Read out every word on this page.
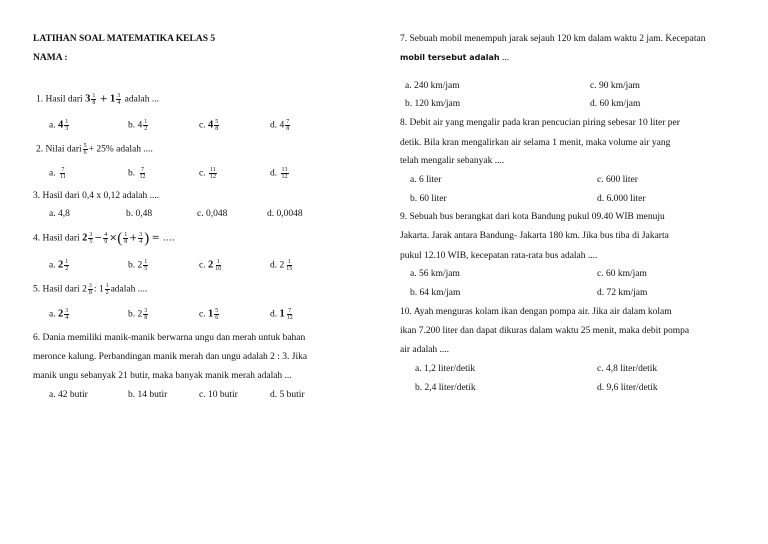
LATIHAN SOAL MATEMATIKA KELAS 5
NAMA :
1. Hasil dari $3 \frac{1}{8} + 1 \frac{3}{4}$ adalah ...
a. $4 \frac{1}{3}$	b. $4 \frac{1}{2}$	c. $4 \frac{5}{8}$	d. $4 \frac{7}{8}$
2. Nilai dari $\frac{5}{6} + 25\%$ adalah ....
a. $\frac{7}{11}$	b. $\frac{7}{12}$	c. $\frac{11}{12}$	d. $\frac{13}{12}$
3. Hasil dari 0,4 x 0,12 adalah ....
a. 4,8	b. 0,48	c. 0,048	d. 0,0048
4. Hasil dari $2 \frac{3}{5} - \frac{4}{9}$ ×( $\frac{1}{8} + \frac{3}{4}$ ) = ....
a. $2 \frac{1}{2}$	b. $2 \frac{1}{5}$	c. $2 \frac{1}{10}$	d. $2 \frac{1}{15}$
5. Hasil dari $2 \frac{3}{8}$ : $1 \frac{1}{2}$ adalah ....
a. $2 \frac{3}{4}$	b. $2 \frac{3}{8}$	c. $1 \frac{5}{6}$	d. $1 \frac{7}{12}$
6. Dania memiliki manik-manik berwarna ungu dan merah untuk bahan
meronce kalung. Perbandingan manik merah dan ungu adalah 2 : 3. Jika
manik ungu sebanyak 21 butir, maka banyak manik merah adalah ...
a. 42 butir	b. 14 butir	c. 10 butir	d. 5 butir
7. Sebuah mobil menempuh jarak sejauh 120 km dalam waktu 2 jam. Kecepatan
mobil tersebut adalah ...
a. 240 km/jam	c. 90 km/jam
b. 120 km/jam	d. 60 km/jam
8. Debit air yang mengalir pada kran pencucian piring sebesar 10 liter per
detik. Bila kran mengalirkan air selama 1 menit, maka volume air yang
telah mengalir sebanyak ....
a. 6 liter	c. 600 liter
b. 60 liter	d. 6.000 liter
9. Sebuah bus berangkat dari kota Bandung pukul 09.40 WIB menuju
Jakarta. Jarak antara Bandung- Jakarta 180 km. Jika bus tiba di Jakarta
pukul 12.10 WIB, kecepatan rata-rata bus adalah ....
a. 56 km/jam	c. 60 km/jam
b. 64 km/jam	d. 72 km/jam
10. Ayah menguras kolam ikan dengan pompa air. Jika air dalam kolam
ikan 7.200 liter dan dapat dikuras dalam waktu 25 menit, maka debit pompa
air adalah ....
a. 1,2 liter/detik	c. 4,8 liter/detik
b. 2,4 liter/detik	d. 9,6 liter/detik
